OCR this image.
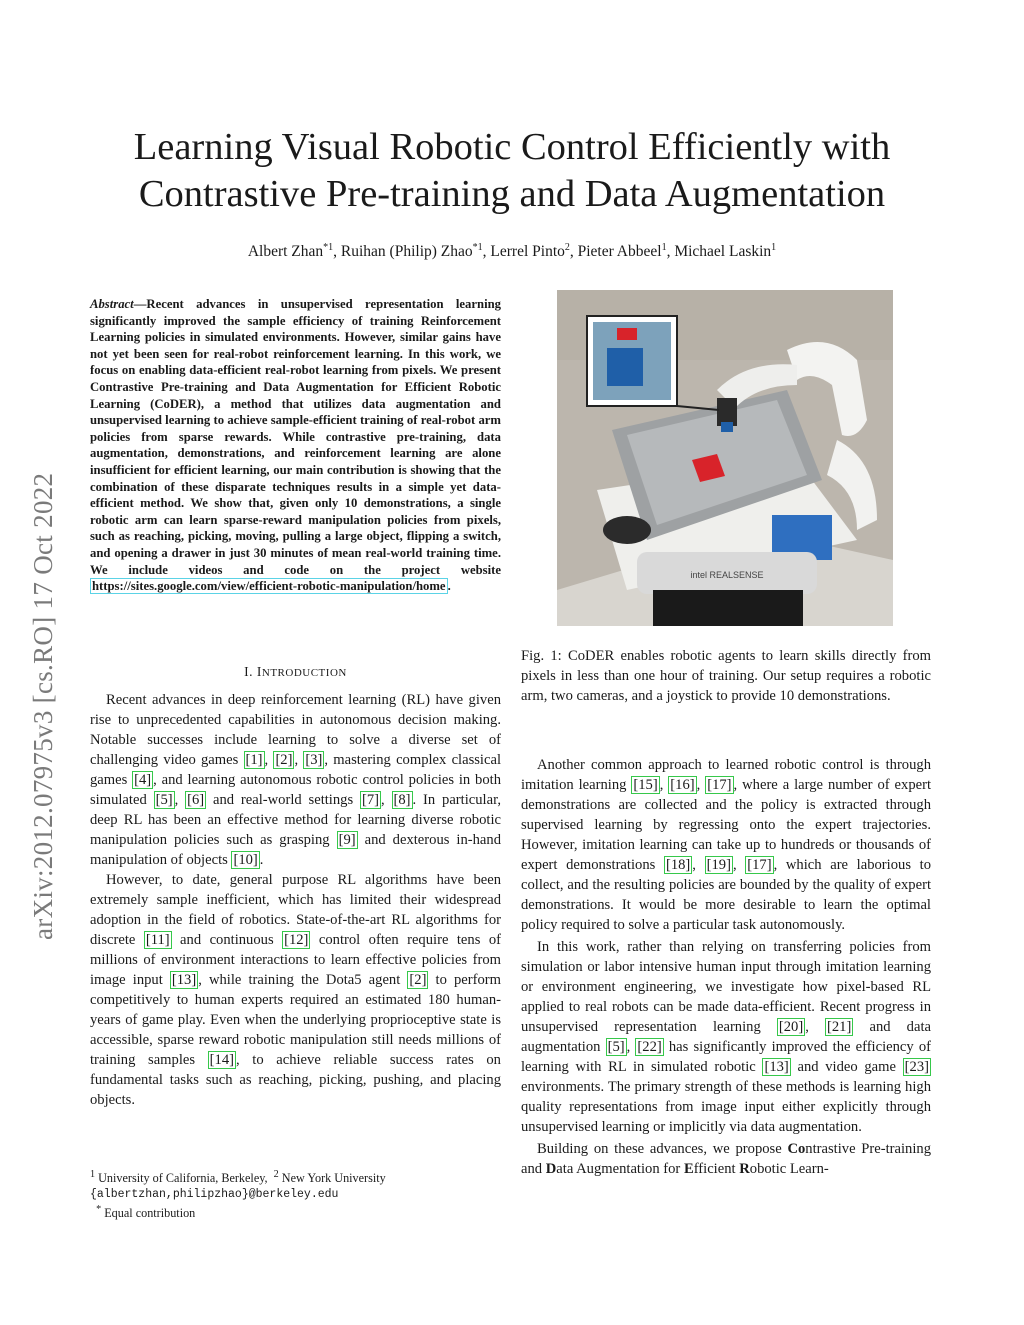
arXiv:2012.07975v3 [cs.RO] 17 Oct 2022
Learning Visual Robotic Control Efficiently with
Contrastive Pre-training and Data Augmentation
Albert Zhan$^{*1}$, Ruihan (Philip) Zhao$^{*1}$, Lerrel Pinto$^2$, Pieter Abbeel$^1$, Michael Laskin$^1$
Abstract—Recent advances in unsupervised representation learning significantly improved the sample efficiency of training Reinforcement Learning policies in simulated environments. However, similar gains have not yet been seen for real-robot reinforcement learning. In this work, we focus on enabling data-efficient real-robot learning from pixels. We present Contrastive Pre-training and Data Augmentation for Efficient Robotic Learning (CoDER), a method that utilizes data augmentation and unsupervised learning to achieve sample-efficient training of real-robot arm policies from sparse rewards. While contrastive pre-training, data augmentation, demonstrations, and reinforcement learning are alone insufficient for efficient learning, our main contribution is showing that the combination of these disparate techniques results in a simple yet data-efficient method. We show that, given only 10 demonstrations, a single robotic arm can learn sparse-reward manipulation policies from pixels, such as reaching, picking, moving, pulling a large object, flipping a switch, and opening a drawer in just 30 minutes of mean real-world training time. We include videos and code on the project website https://sites.google.com/view/efficient-robotic-manipulation/home .
I. INTRODUCTION

Recent advances in deep reinforcement learning (RL) have given rise to unprecedented capabilities in autonomous decision making. Notable successes include learning to solve a diverse set of challenging video games [1] , [2] , [3] , mastering complex classical games [4] , and learning autonomous robotic control policies in both simulated [5] , [6] and real-world settings [7] , [8] . In particular, deep RL has been an effective method for learning diverse robotic manipulation policies such as grasping [9] and dexterous in-hand manipulation of objects [10] .

However, to date, general purpose RL algorithms have been extremely sample inefficient, which has limited their widespread adoption in the field of robotics. State-of-the-art RL algorithms for discrete [11] and continuous [12] control often require tens of millions of environment interactions to learn effective policies from image input [13] , while training the Dota5 agent [2] to perform competitively to human experts required an estimated 180 human-years of game play. Even when the underlying proprioceptive state is accessible, sparse reward robotic manipulation still needs millions of training samples [14] , to achieve reliable success rates on fundamental tasks such as reaching, picking, pushing, and placing objects.

$^1$ University of California, Berkeley, $^2$ New York University

{albertzhan,philipzhao}@berkeley.edu

* Equal contribution

intel REALSENSE
Fig. 1: CoDER enables robotic agents to learn skills directly from pixels in less than one hour of training. Our setup requires a robotic arm, two cameras, and a joystick to provide 10 demonstrations.

Another common approach to learned robotic control is through imitation learning [15] , [16] , [17] , where a large number of expert demonstrations are collected and the policy is extracted through supervised learning by regressing onto the expert trajectories. However, imitation learning can take up to hundreds or thousands of expert demonstrations [18] , [19] , [17] , which are laborious to collect, and the resulting policies are bounded by the quality of expert demonstrations. It would be more desirable to learn the optimal policy required to solve a particular task autonomously.

In this work, rather than relying on transferring policies from simulation or labor intensive human input through imitation learning or environment engineering, we investigate how pixel-based RL applied to real robots can be made data-efficient. Recent progress in unsupervised representation learning [20] , [21] and data augmentation [5] , [22] has significantly improved the efficiency of learning with RL in simulated robotic [13] and video game [23] environments. The primary strength of these methods is learning high quality representations from image input either explicitly through unsupervised learning or implicitly via data augmentation.

Building on these advances, we propose Contrastive Pre-training and Data Augmentation for Efficient Robotic Learn-
